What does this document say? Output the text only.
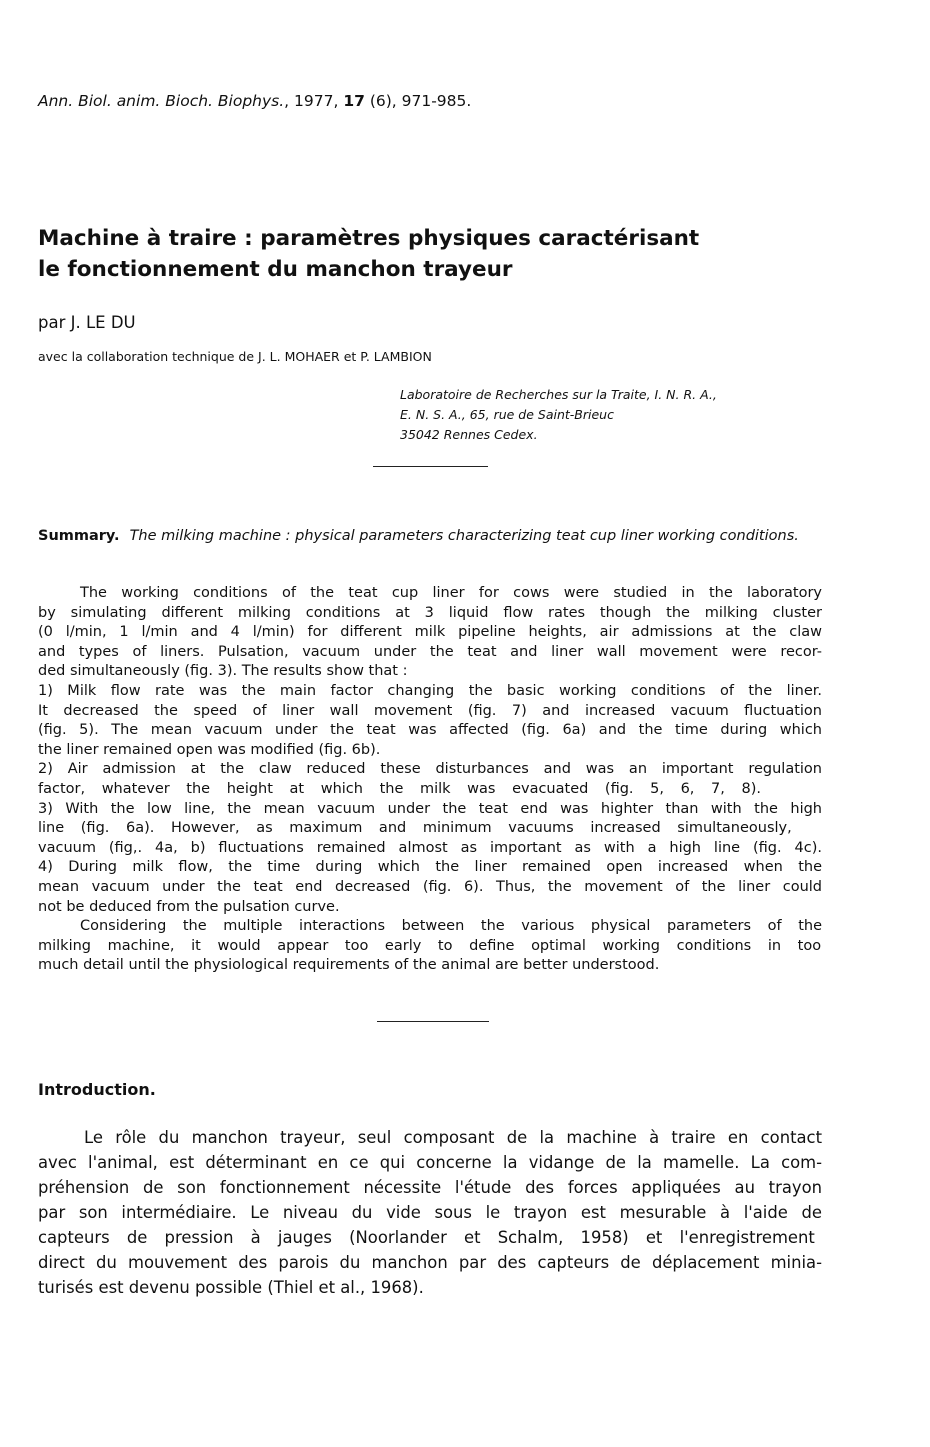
Ann. Biol. anim. Bioch. Biophys., 1977, 17 (6), 971-985.
Machine à traire : paramètres physiques caractérisant
le fonctionnement du manchon trayeur
par J. LE DU
avec la collaboration technique de J. L. MOHAER et P. LAMBION
Laboratoire de Recherches sur la Traite, I. N. R. A.,
E. N. S. A., 65, rue de Saint-Brieuc
35042 Rennes Cedex.
Summary. The milking machine : physical parameters characterizing teat cup liner working conditions.
The working conditions of the teat cup liner for cows were studied in the laboratory
by simulating different milking conditions at 3 liquid flow rates though the milking cluster
(0 l/min, 1 l/min and 4 l/min) for different milk pipeline heights, air admissions at the claw
and types of liners. Pulsation, vacuum under the teat and liner wall movement were recor-
ded simultaneously (fig. 3). The results show that :
1) Milk flow rate was the main factor changing the basic working conditions of the liner.
It decreased the speed of liner wall movement (fig. 7) and increased vacuum fluctuation
(fig. 5). The mean vacuum under the teat was affected (fig. 6a) and the time during which
the liner remained open was modified (fig. 6b).
2) Air admission at the claw reduced these disturbances and was an important regulation
factor, whatever the height at which the milk was evacuated (fig. 5, 6, 7, 8).
3) With the low line, the mean vacuum under the teat end was highter than with the high
line (fig. 6a). However, as maximum and minimum vacuums increased simultaneously,
vacuum (fig,. 4a, b) fluctuations remained almost as important as with a high line (fig. 4c).
4) During milk flow, the time during which the liner remained open increased when the
mean vacuum under the teat end decreased (fig. 6). Thus, the movement of the liner could
not be deduced from the pulsation curve.
Considering the multiple interactions between the various physical parameters of the
milking machine, it would appear too early to define optimal working conditions in too
much detail until the physiological requirements of the animal are better understood.
Introduction.
Le rôle du manchon trayeur, seul composant de la machine à traire en contact
avec l'animal, est déterminant en ce qui concerne la vidange de la mamelle. La com-
préhension de son fonctionnement nécessite l'étude des forces appliquées au trayon
par son intermédiaire. Le niveau du vide sous le trayon est mesurable à l'aide de
capteurs de pression à jauges (Noorlander et Schalm, 1958) et l'enregistrement
direct du mouvement des parois du manchon par des capteurs de déplacement minia-
turisés est devenu possible (Thiel et al., 1968).
